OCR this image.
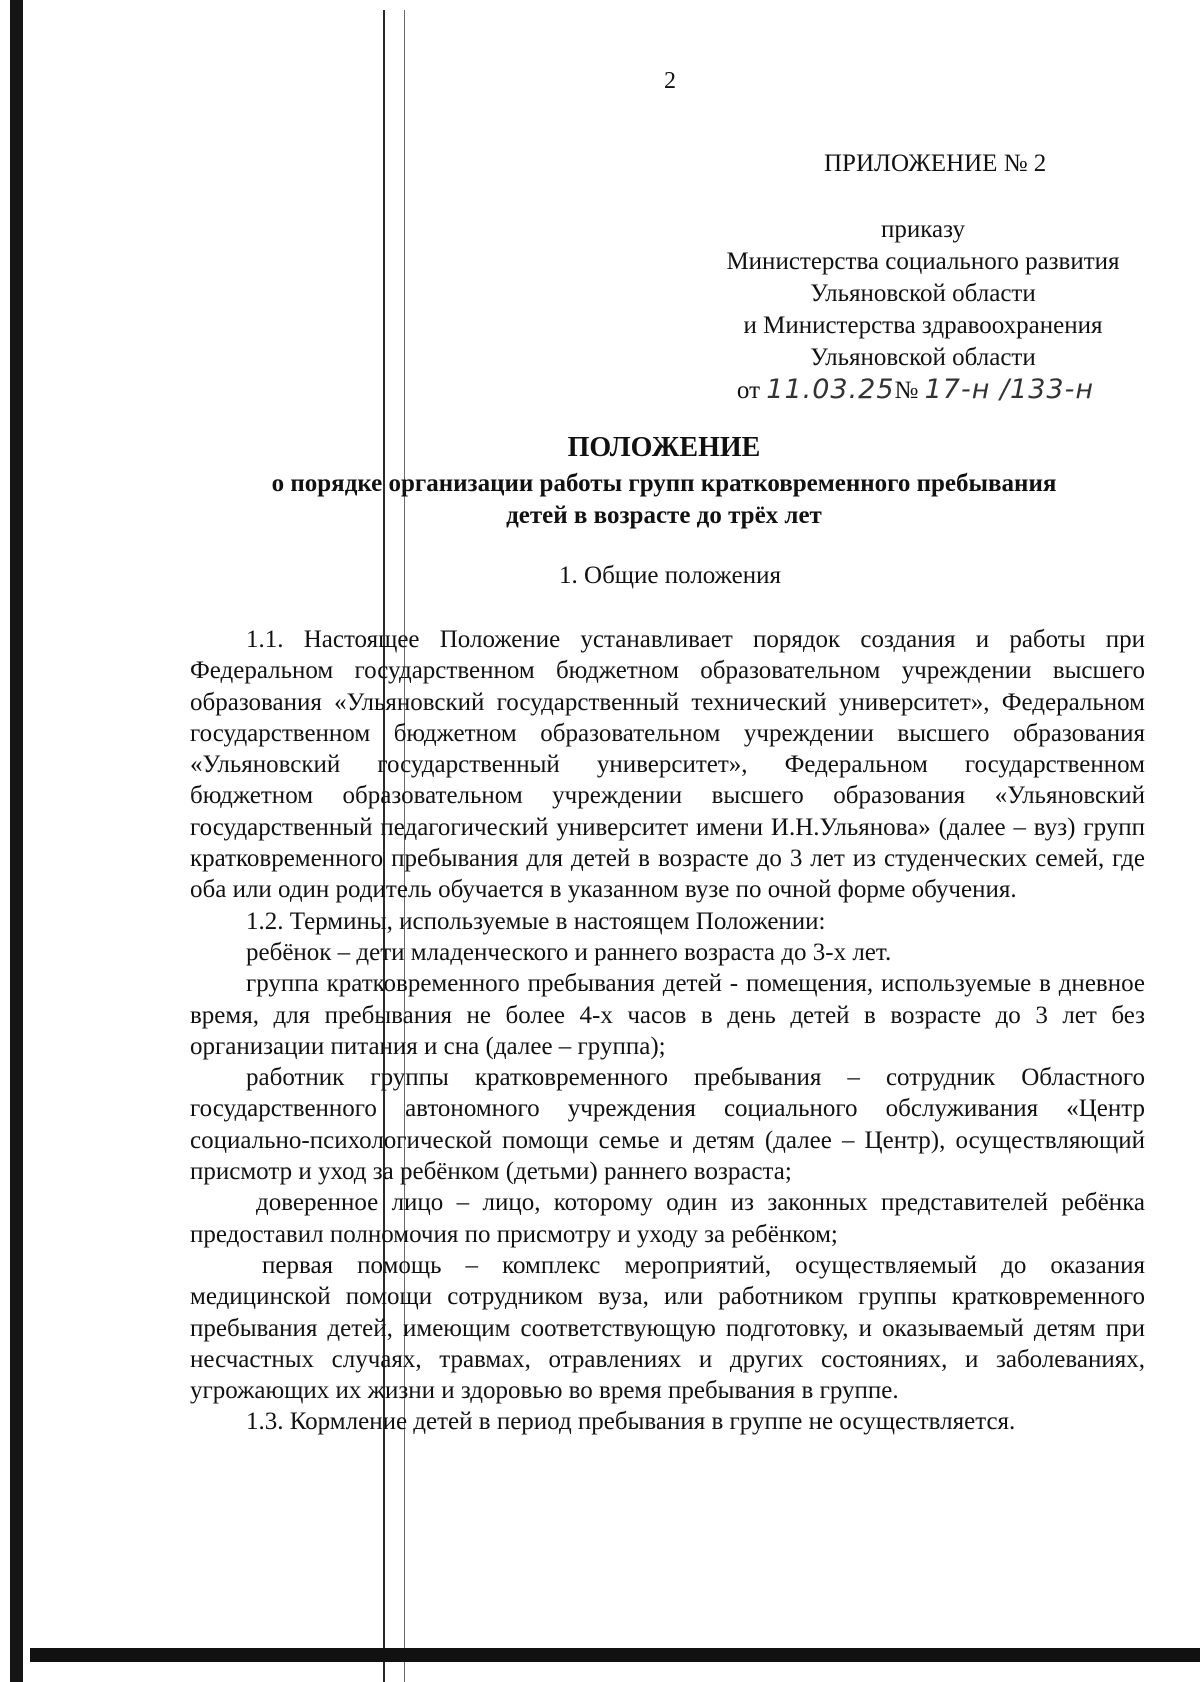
2
ПРИЛОЖЕНИЕ № 2
приказу
Министерства социального развития
Ульяновской области
и Министерства здравоохранения
Ульяновской области
от 11.03.25№ 17-н /133-н
ПОЛОЖЕНИЕ
о порядке организации работы групп кратковременного пребывания
детей в возрасте до трёх лет
1. Общие положения

1.1. Настоящее Положение устанавливает порядок создания и работы при Федеральном государственном бюджетном образовательном учреждении высшего образования «Ульяновский государственный технический университет», Федеральном государственном бюджетном образовательном учреждении высшего образования «Ульяновский государственный университет», Федеральном государственном бюджетном образовательном учреждении высшего образования «Ульяновский государственный педагогический университет имени И.Н.Ульянова» (далее – вуз) групп кратковременного пребывания для детей в возрасте до 3 лет из студенческих семей, где оба или один родитель обучается в указанном вузе по очной форме обучения.

1.2. Термины, используемые в настоящем Положении:

ребёнок – дети младенческого и раннего возраста до 3-х лет.

группа кратковременного пребывания детей - помещения, используемые в дневное время, для пребывания не более 4-х часов в день детей в возрасте до 3 лет без организации питания и сна (далее – группа);

работник группы кратковременного пребывания – сотрудник Областного государственного автономного учреждения социального обслуживания «Центр социально-психологической помощи семье и детям (далее – Центр), осуществляющий присмотр и уход за ребёнком (детьми) раннего возраста;

доверенное лицо – лицо, которому один из законных представителей ребёнка предоставил полномочия по присмотру и уходу за ребёнком;

первая помощь – комплекс мероприятий, осуществляемый до оказания медицинской помощи сотрудником вуза, или работником группы кратковременного пребывания детей, имеющим соответствующую подготовку, и оказываемый детям при несчастных случаях, травмах, отравлениях и других состояниях, и заболеваниях, угрожающих их жизни и здоровью во время пребывания в группе.

1.3. Кормление детей в период пребывания в группе не осуществляется.
